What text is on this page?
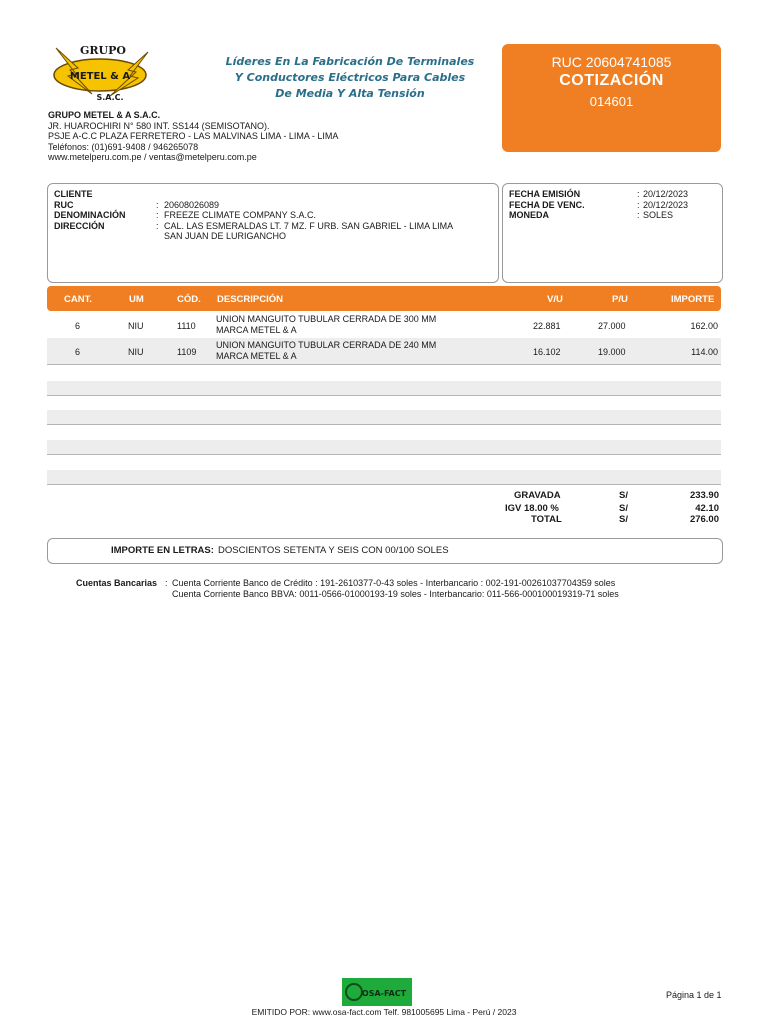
GRUPO
METEL & A
S.A.C.
Líderes En La Fabricación De Terminales
Y Conductores Eléctricos Para Cables
De Media Y Alta Tensión
GRUPO METEL & A S.A.C.
JR. HUAROCHIRI N° 580 INT. SS144 (SEMISOTANO).
PSJE A-C.C PLAZA FERRETERO - LAS MALVINAS LIMA - LIMA - LIMA
Teléfonos: (01)691-9408 / 946265078
www.metelperu.com.pe / ventas@metelperu.com.pe
RUC 20604741085
COTIZACIÓN
014601
CLIENTE
RUC	: 20608026089
DENOMINACIÓN	: FREEZE CLIMATE COMPANY S.A.C.
DIRECCIÓN	: CAL. LAS ESMERALDAS LT. 7 MZ. F URB. SAN GABRIEL - LIMA LIMA
SAN JUAN DE LURIGANCHO
FECHA EMISIÓN	: 20/12/2023
FECHA DE VENC.	: 20/12/2023
MONEDA	: SOLES
CANT.	UM	CÓD. DESCRIPCIÓN	V/U	P/U	IMPORTE
6	NIU	1110
UNION MANGUITO TUBULAR CERRADA DE 300 MM
MARCA METEL & A	22.881	27.000	162.00
6	NIU	1109
UNION MANGUITO TUBULAR CERRADA DE 240 MM
MARCA METEL & A	16.102	19.000	114.00
GRAVADA	S/	233.90
IGV 18.00 %	S/	42.10
TOTAL	S/	276.00
IMPORTE EN LETRAS: DOSCIENTOS SETENTA Y SEIS CON 00/100 SOLES
Cuentas Bancarias : Cuenta Corriente Banco de Crédito : 191-2610377-0-43 soles - Interbancario : 002-191-00261037704359 soles
Cuenta Corriente Banco BBVA: 0011-0566-01000193-19 soles - Interbancario: 011-566-000100019319-71 soles
OSA-FACT	Página 1 de 1
EMITIDO POR: www.osa-fact.com Telf. 981005695 Lima - Perú / 2023
